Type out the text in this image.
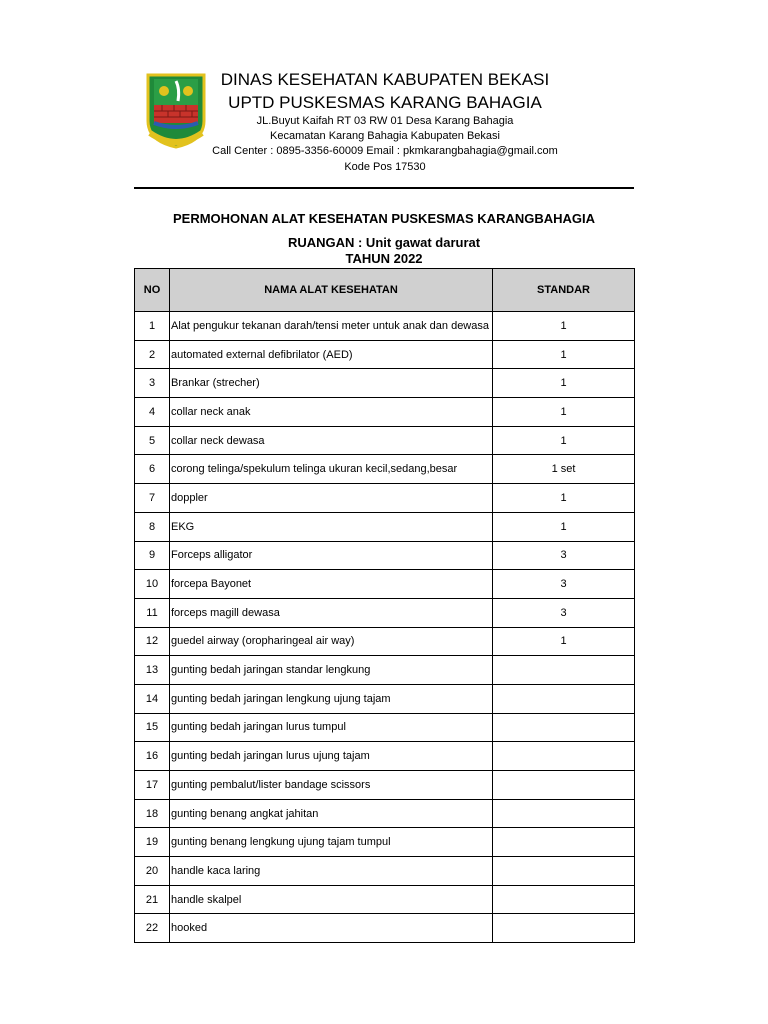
DINAS KESEHATAN KABUPATEN BEKASI
UPTD PUSKESMAS KARANG BAHAGIA
JL.Buyut Kaifah RT 03 RW 01 Desa Karang Bahagia
Kecamatan Karang Bahagia Kabupaten Bekasi
Call Center : 0895-3356-60009 Email : pkmkarangbahagia@gmail.com
Kode Pos 17530
PERMOHONAN ALAT KESEHATAN PUSKESMAS KARANGBAHAGIA
RUANGAN : Unit gawat darurat
TAHUN 2022
NO	NAMA ALAT KESEHATAN	STANDAR
1	Alat pengukur tekanan darah/tensi meter untuk anak dan dewasa	1
2	automated external defibrilator (AED)	1
3	Brankar (strecher)	1
4	collar neck anak	1
5	collar neck dewasa	1
6	corong telinga/spekulum telinga ukuran kecil,sedang,besar	1 set
7	doppler	1
8	EKG	1
9	Forceps alligator	3
10	forcepa Bayonet	3
11	forceps magill dewasa	3
12	guedel airway (oropharingeal air way)	1
13	gunting bedah jaringan standar lengkung	
14	gunting bedah jaringan lengkung ujung tajam	
15	gunting bedah jaringan lurus tumpul	
16	gunting bedah jaringan lurus ujung tajam	
17	gunting pembalut/lister bandage scissors	
18	gunting benang angkat jahitan	
19	gunting benang lengkung ujung tajam tumpul	
20	handle kaca laring	
21	handle skalpel	
22	hooked	
